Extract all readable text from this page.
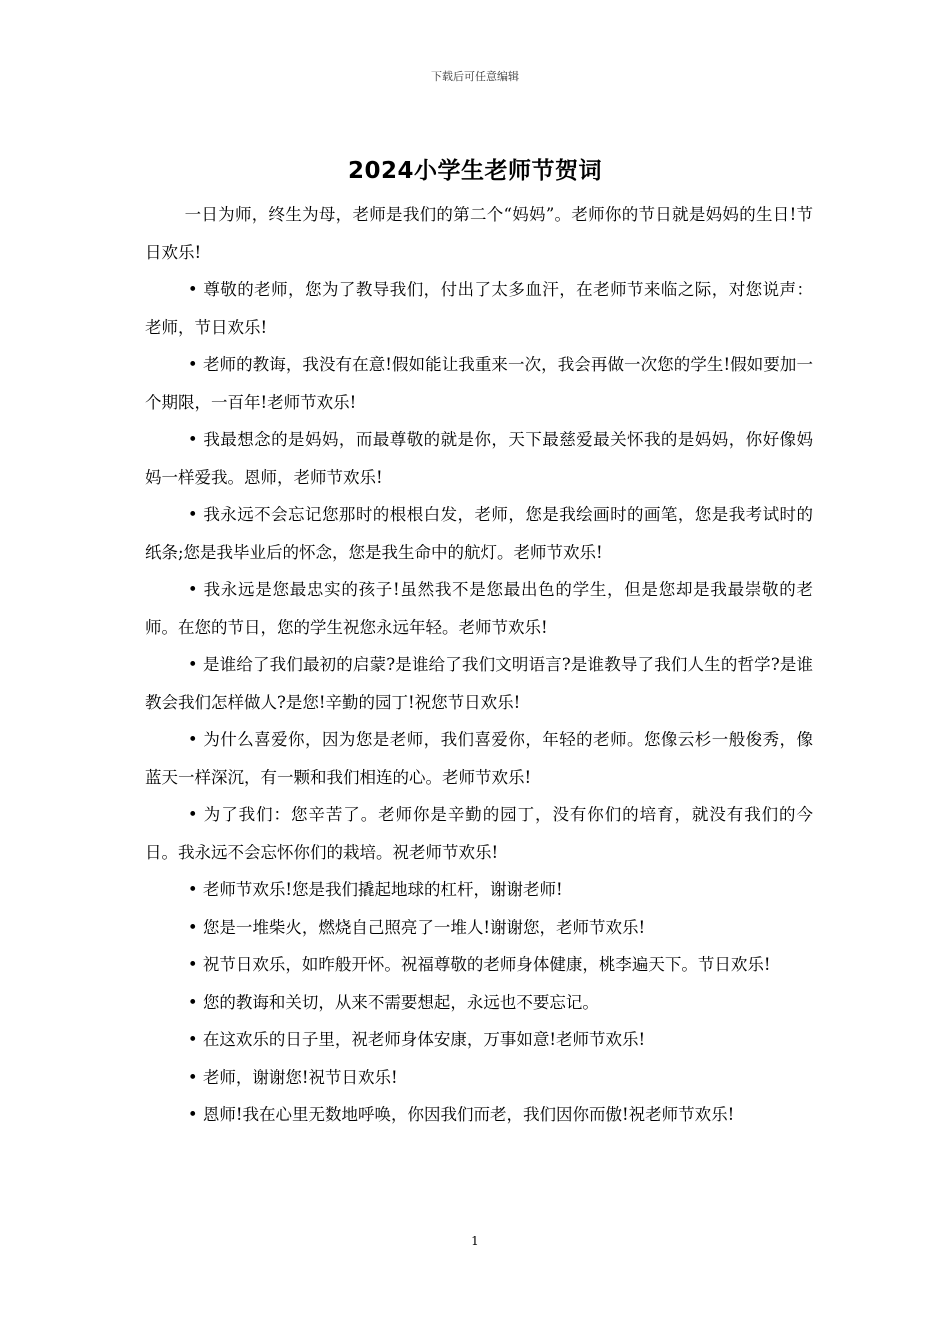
下载后可任意编辑
2024小学生老师节贺词

一日为师，终生为母，老师是我们的第二个“妈妈”。老师你的节日就是妈妈的生日!节日欢乐!

• 尊敬的老师，您为了教导我们，付出了太多血汗，在老师节来临之际，对您说声：老师，节日欢乐!

• 老师的教诲，我没有在意!假如能让我重来一次，我会再做一次您的学生!假如要加一个期限，一百年!老师节欢乐!

• 我最想念的是妈妈，而最尊敬的就是你，天下最慈爱最关怀我的是妈妈，你好像妈妈一样爱我。恩师，老师节欢乐!

• 我永远不会忘记您那时的根根白发，老师，您是我绘画时的画笔，您是我考试时的纸条;您是我毕业后的怀念，您是我生命中的航灯。老师节欢乐!

• 我永远是您最忠实的孩子!虽然我不是您最出色的学生，但是您却是我最崇敬的老师。在您的节日，您的学生祝您永远年轻。老师节欢乐!

• 是谁给了我们最初的启蒙?是谁给了我们文明语言?是谁教导了我们人生的哲学?是谁教会我们怎样做人?是您!辛勤的园丁!祝您节日欢乐!

• 为什么喜爱你，因为您是老师，我们喜爱你，年轻的老师。您像云杉一般俊秀，像蓝天一样深沉，有一颗和我们相连的心。老师节欢乐!

• 为了我们：您辛苦了。老师你是辛勤的园丁，没有你们的培育，就没有我们的今日。我永远不会忘怀你们的栽培。祝老师节欢乐!

• 老师节欢乐!您是我们撬起地球的杠杆，谢谢老师!

• 您是一堆柴火，燃烧自己照亮了一堆人!谢谢您，老师节欢乐!

• 祝节日欢乐，如昨般开怀。祝福尊敬的老师身体健康，桃李遍天下。节日欢乐!

• 您的教诲和关切，从来不需要想起，永远也不要忘记。

• 在这欢乐的日子里，祝老师身体安康，万事如意!老师节欢乐!

• 老师，谢谢您!祝节日欢乐!

• 恩师!我在心里无数地呼唤，你因我们而老，我们因你而傲!祝老师节欢乐!

1
